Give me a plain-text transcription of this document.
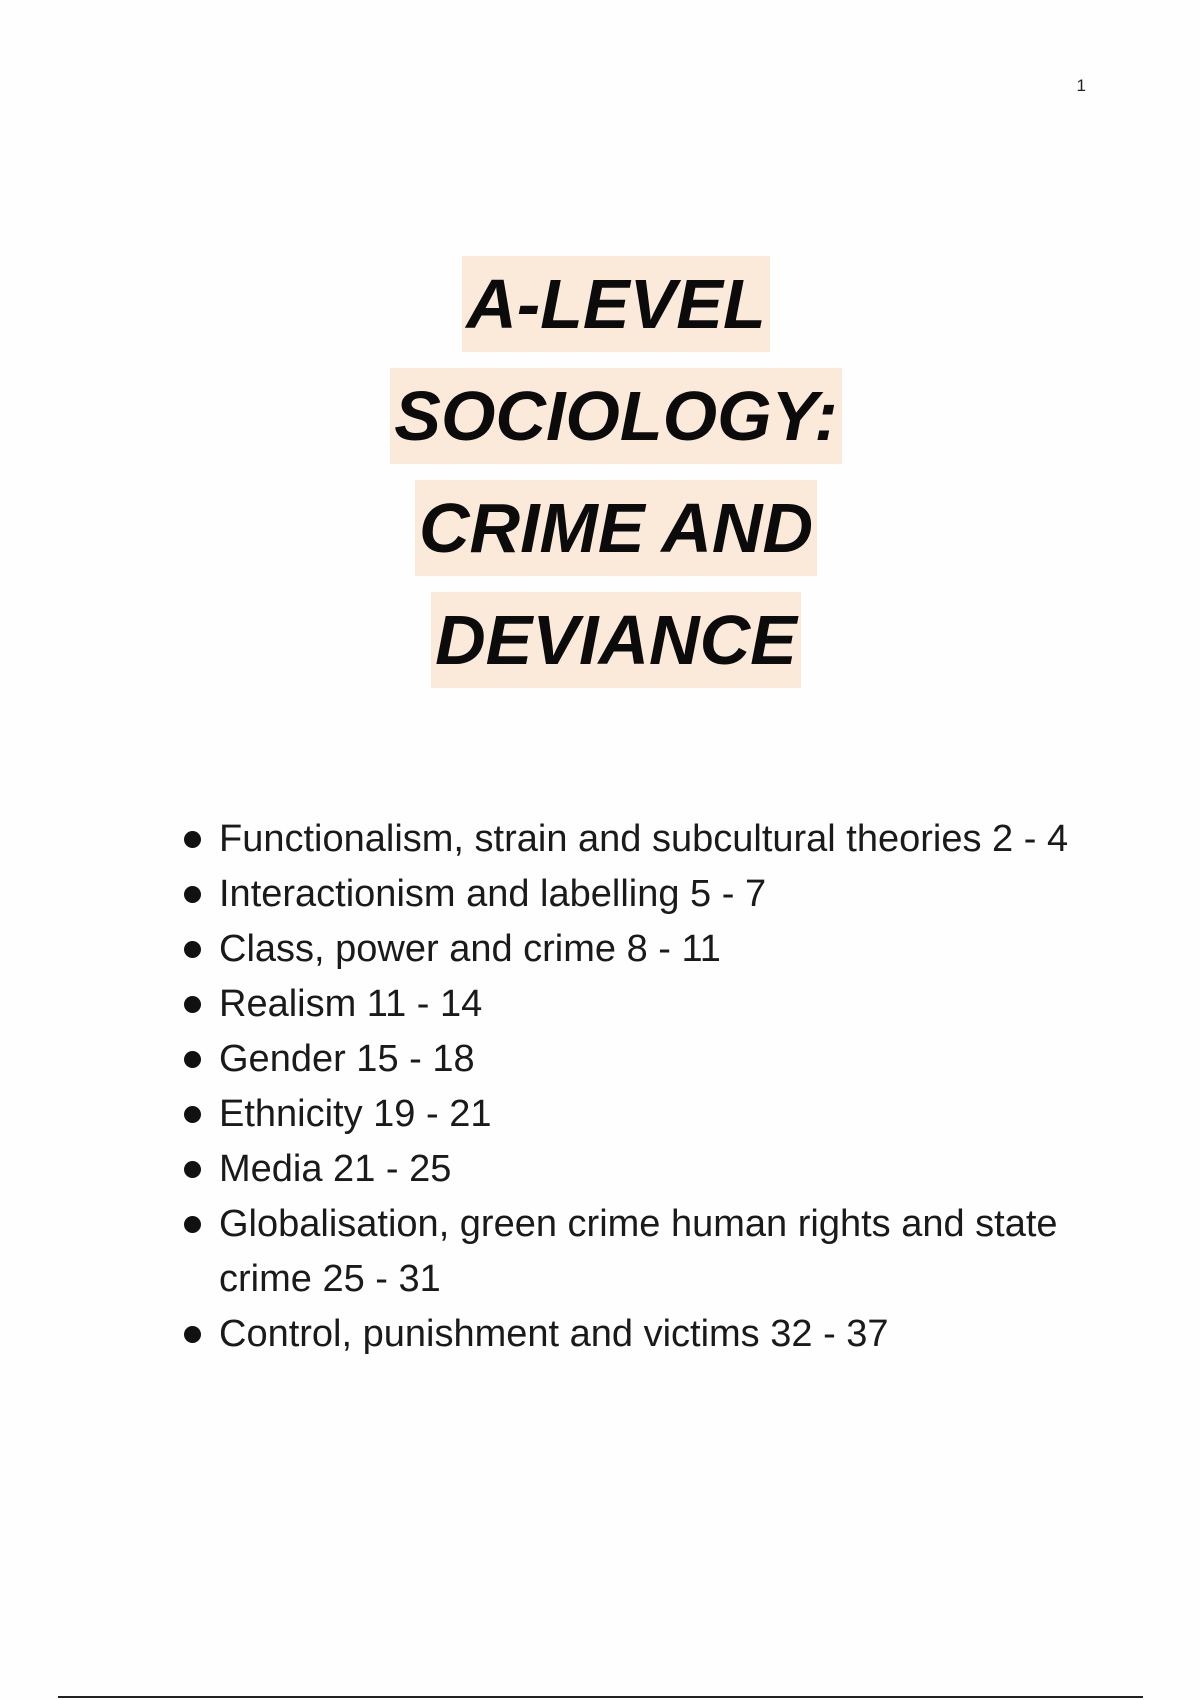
1
A-LEVEL
SOCIOLOGY:
CRIME AND
DEVIANCE
Functionalism, strain and subcultural theories 2 - 4
Interactionism and labelling 5 - 7
Class, power and crime 8 - 11
Realism 11 - 14
Gender 15 - 18
Ethnicity 19 - 21
Media 21 - 25
Globalisation, green crime human rights and state crime 25 - 31
Control, punishment and victims 32 - 37
